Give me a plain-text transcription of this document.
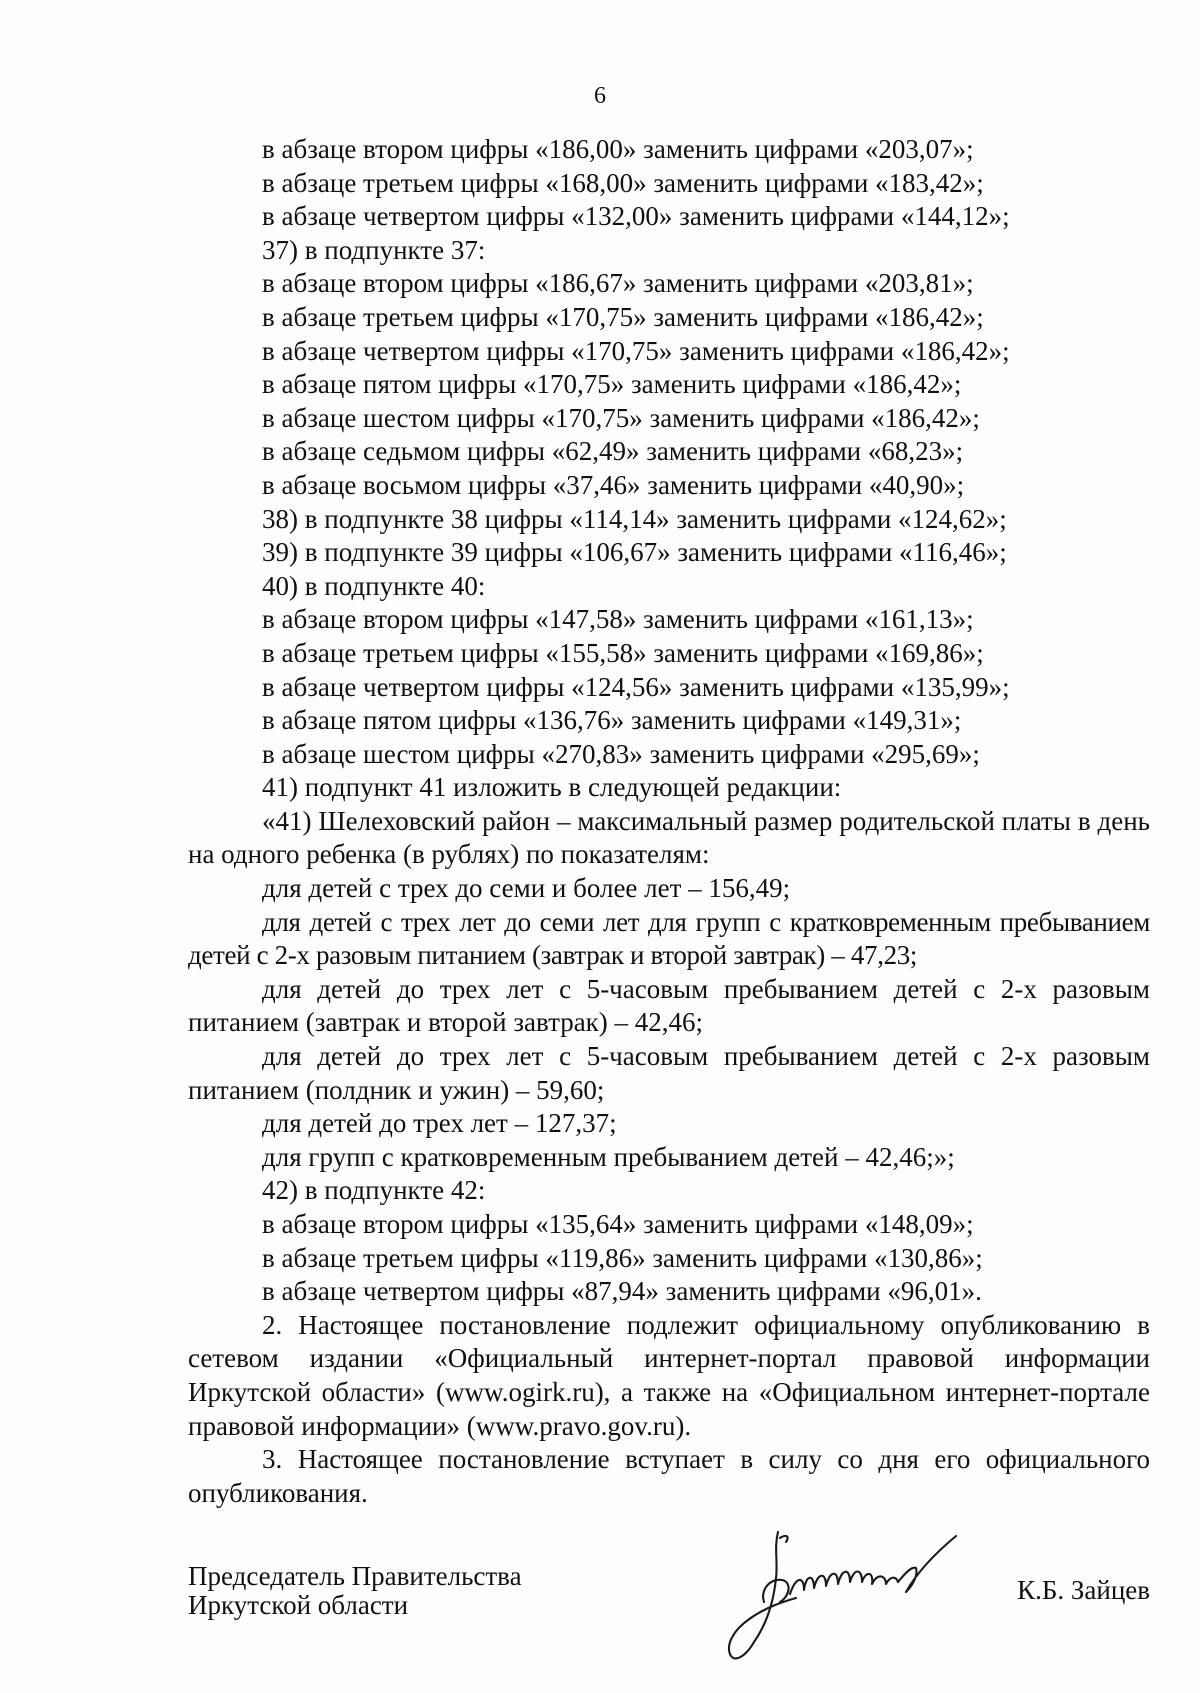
6

в абзаце втором цифры «186,00» заменить цифрами «203,07»;

в абзаце третьем цифры «168,00» заменить цифрами «183,42»;

в абзаце четвертом цифры «132,00» заменить цифрами «144,12»;

37) в подпункте 37:

в абзаце втором цифры «186,67» заменить цифрами «203,81»;

в абзаце третьем цифры «170,75» заменить цифрами «186,42»;

в абзаце четвертом цифры «170,75» заменить цифрами «186,42»;

в абзаце пятом цифры «170,75» заменить цифрами «186,42»;

в абзаце шестом цифры «170,75» заменить цифрами «186,42»;

в абзаце седьмом цифры «62,49» заменить цифрами «68,23»;

в абзаце восьмом цифры «37,46» заменить цифрами «40,90»;

38) в подпункте 38 цифры «114,14» заменить цифрами «124,62»;

39) в подпункте 39 цифры «106,67» заменить цифрами «116,46»;

40) в подпункте 40:

в абзаце втором цифры «147,58» заменить цифрами «161,13»;

в абзаце третьем цифры «155,58» заменить цифрами «169,86»;

в абзаце четвертом цифры «124,56» заменить цифрами «135,99»;

в абзаце пятом цифры «136,76» заменить цифрами «149,31»;

в абзаце шестом цифры «270,83» заменить цифрами «295,69»;

41) подпункт 41 изложить в следующей редакции:

«41) Шелеховский район – максимальный размер родительской платы в день на одного ребенка (в рублях) по показателям:

для детей с трех до семи и более лет – 156,49;

для детей с трех лет до семи лет для групп с кратковременным пребыванием детей с 2-х разовым питанием (завтрак и второй завтрак) – 47,23;

для детей до трех лет с 5-часовым пребыванием детей с 2-х разовым питанием (завтрак и второй завтрак) – 42,46;

для детей до трех лет с 5-часовым пребыванием детей с 2-х разовым питанием (полдник и ужин) – 59,60;

для детей до трех лет – 127,37;

для групп с кратковременным пребыванием детей – 42,46;»;

42) в подпункте 42:

в абзаце втором цифры «135,64» заменить цифрами «148,09»;

в абзаце третьем цифры «119,86» заменить цифрами «130,86»;

в абзаце четвертом цифры «87,94» заменить цифрами «96,01».

2. Настоящее постановление подлежит официальному опубликованию в сетевом издании «Официальный интернет-портал правовой информации Иркутской области» (www.ogirk.ru), а также на «Официальном интернет-портале правовой информации» (www.pravo.gov.ru).

3. Настоящее постановление вступает в силу со дня его официального опубликования.

Председатель Правительства
Иркутской области	К.Б. Зайцев
